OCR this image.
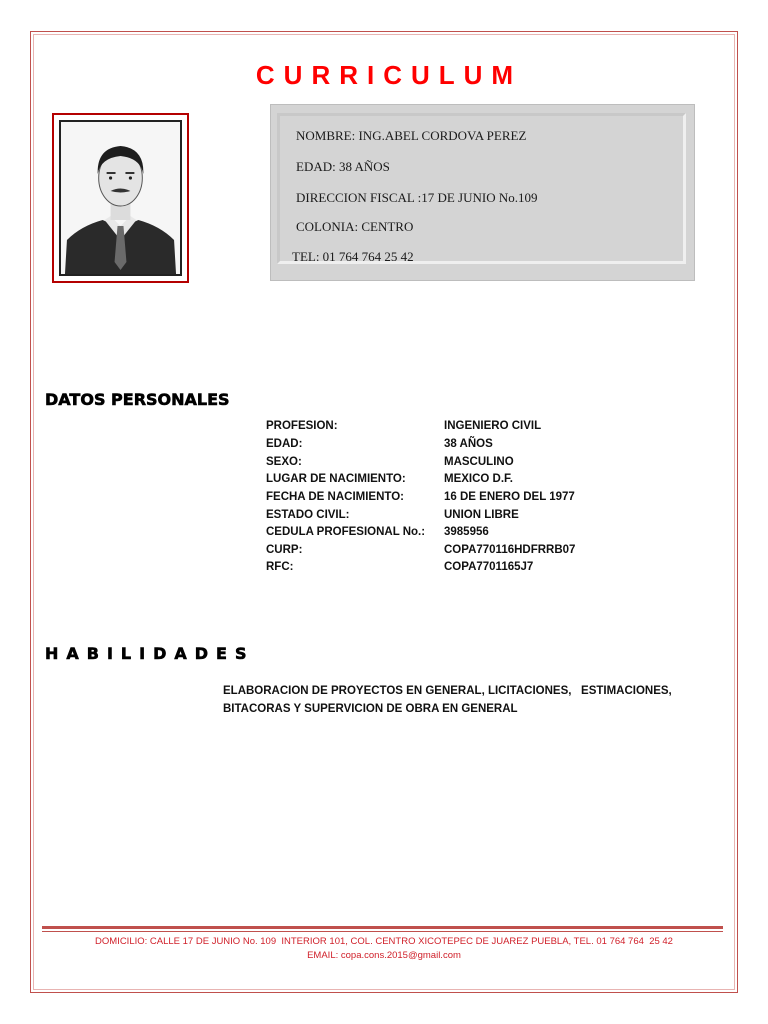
CURRICULUM
NOMBRE: ING.ABEL CORDOVA PEREZ
EDAD: 38 AÑOS
DIRECCION FISCAL :17 DE JUNIO No.109
COLONIA: CENTRO
TEL: 01 764 764 25 42
DATOS PERSONALES
PROFESION:	INGENIERO CIVIL
EDAD:	38 AÑOS
SEXO:	MASCULINO
LUGAR DE NACIMIENTO:	MEXICO D.F.
FECHA DE NACIMIENTO:	16 DE ENERO DEL 1977
ESTADO CIVIL:	UNION LIBRE
CEDULA PROFESIONAL No.: 3985956
CURP:	COPA770116HDFRRB07
RFC:	COPA7701165J7
HABILIDADES
ELABORACION DE PROYECTOS EN GENERAL, LICITACIONES,   ESTIMACIONES,
BITACORAS Y SUPERVICION DE OBRA EN GENERAL
DOMICILIO: CALLE 17 DE JUNIO No. 109  INTERIOR 101, COL. CENTRO XICOTEPEC DE JUAREZ PUEBLA, TEL. 01 764 764  25 42
EMAIL: copa.cons.2015@gmail.com
